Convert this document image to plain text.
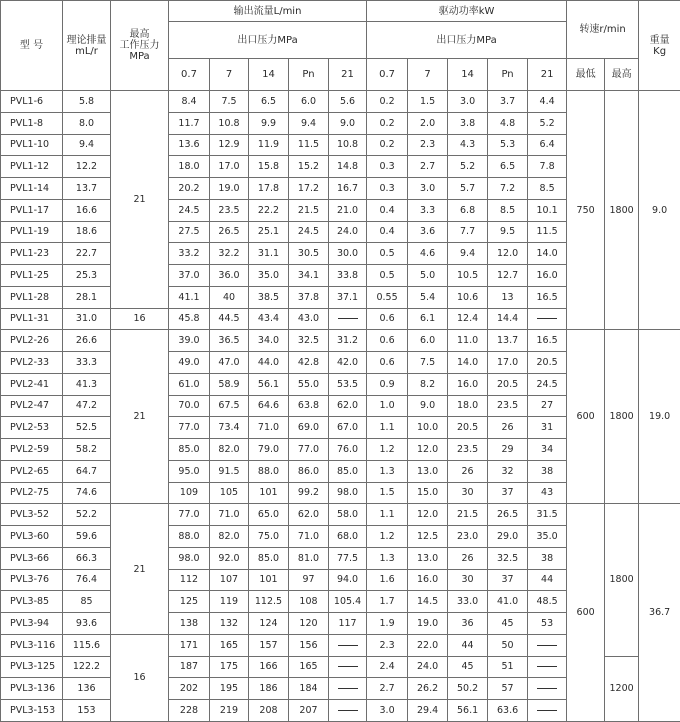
型 号	理论排量
mL/r	最高
工作压力
MPa	输出流量L/min					驱动功率kW					转速r/min		重量
Kg

			出口压力MPa					出口压力MPa							
			0.7	7	14	Pn	21	0.7	7	14	Pn	21	最低	最高	
PVL1-6	5.8	21	8.4	7.5	6.5	6.0	5.6	0.2	1.5	3.0	3.7	4.4	750	1800	9.0
PVL1-8	8.0		11.7	10.8	9.9	9.4	9.0	0.2	2.0	3.8	4.8	5.2			
PVL1-10	9.4		13.6	12.9	11.9	11.5	10.8	0.2	2.3	4.3	5.3	6.4			
PVL1-12	12.2		18.0	17.0	15.8	15.2	14.8	0.3	2.7	5.2	6.5	7.8			
PVL1-14	13.7		20.2	19.0	17.8	17.2	16.7	0.3	3.0	5.7	7.2	8.5			
PVL1-17	16.6		24.5	23.5	22.2	21.5	21.0	0.4	3.3	6.8	8.5	10.1			
PVL1-19	18.6		27.5	26.5	25.1	24.5	24.0	0.4	3.6	7.7	9.5	11.5			
PVL1-23	22.7		33.2	32.2	31.1	30.5	30.0	0.5	4.6	9.4	12.0	14.0			
PVL1-25	25.3		37.0	36.0	35.0	34.1	33.8	0.5	5.0	10.5	12.7	16.0			
PVL1-28	28.1		41.1	40	38.5	37.8	37.1	0.55	5.4	10.6	13	16.5			
PVL1-31	31.0	16	45.8	44.5	43.4	43.0		0.6	6.1	12.4	14.4				
PVL2-26	26.6	21	39.0	36.5	34.0	32.5	31.2	0.6	6.0	11.0	13.7	16.5	600	1800	19.0
PVL2-33	33.3		49.0	47.0	44.0	42.8	42.0	0.6	7.5	14.0	17.0	20.5			
PVL2-41	41.3		61.0	58.9	56.1	55.0	53.5	0.9	8.2	16.0	20.5	24.5			
PVL2-47	47.2		70.0	67.5	64.6	63.8	62.0	1.0	9.0	18.0	23.5	27			
PVL2-53	52.5		77.0	73.4	71.0	69.0	67.0	1.1	10.0	20.5	26	31			
PVL2-59	58.2		85.0	82.0	79.0	77.0	76.0	1.2	12.0	23.5	29	34			
PVL2-65	64.7		95.0	91.5	88.0	86.0	85.0	1.3	13.0	26	32	38			
PVL2-75	74.6		109	105	101	99.2	98.0	1.5	15.0	30	37	43			
PVL3-52	52.2	21	77.0	71.0	65.0	62.0	58.0	1.1	12.0	21.5	26.5	31.5	600	1800	36.7
PVL3-60	59.6		88.0	82.0	75.0	71.0	68.0	1.2	12.5	23.0	29.0	35.0			
PVL3-66	66.3		98.0	92.0	85.0	81.0	77.5	1.3	13.0	26	32.5	38			
PVL3-76	76.4		112	107	101	97	94.0	1.6	16.0	30	37	44			
PVL3-85	85		125	119	112.5	108	105.4	1.7	14.5	33.0	41.0	48.5			
PVL3-94	93.6		138	132	124	120	117	1.9	19.0	36	45	53			
PVL3-116	115.6	16	171	165	157	156		2.3	22.0	44	50				
PVL3-125	122.2		187	175	166	165		2.4	24.0	45	51			1200	
PVL3-136	136		202	195	186	184		2.7	26.2	50.2	57				
PVL3-153	153		228	219	208	207		3.0	29.4	56.1	63.6				
